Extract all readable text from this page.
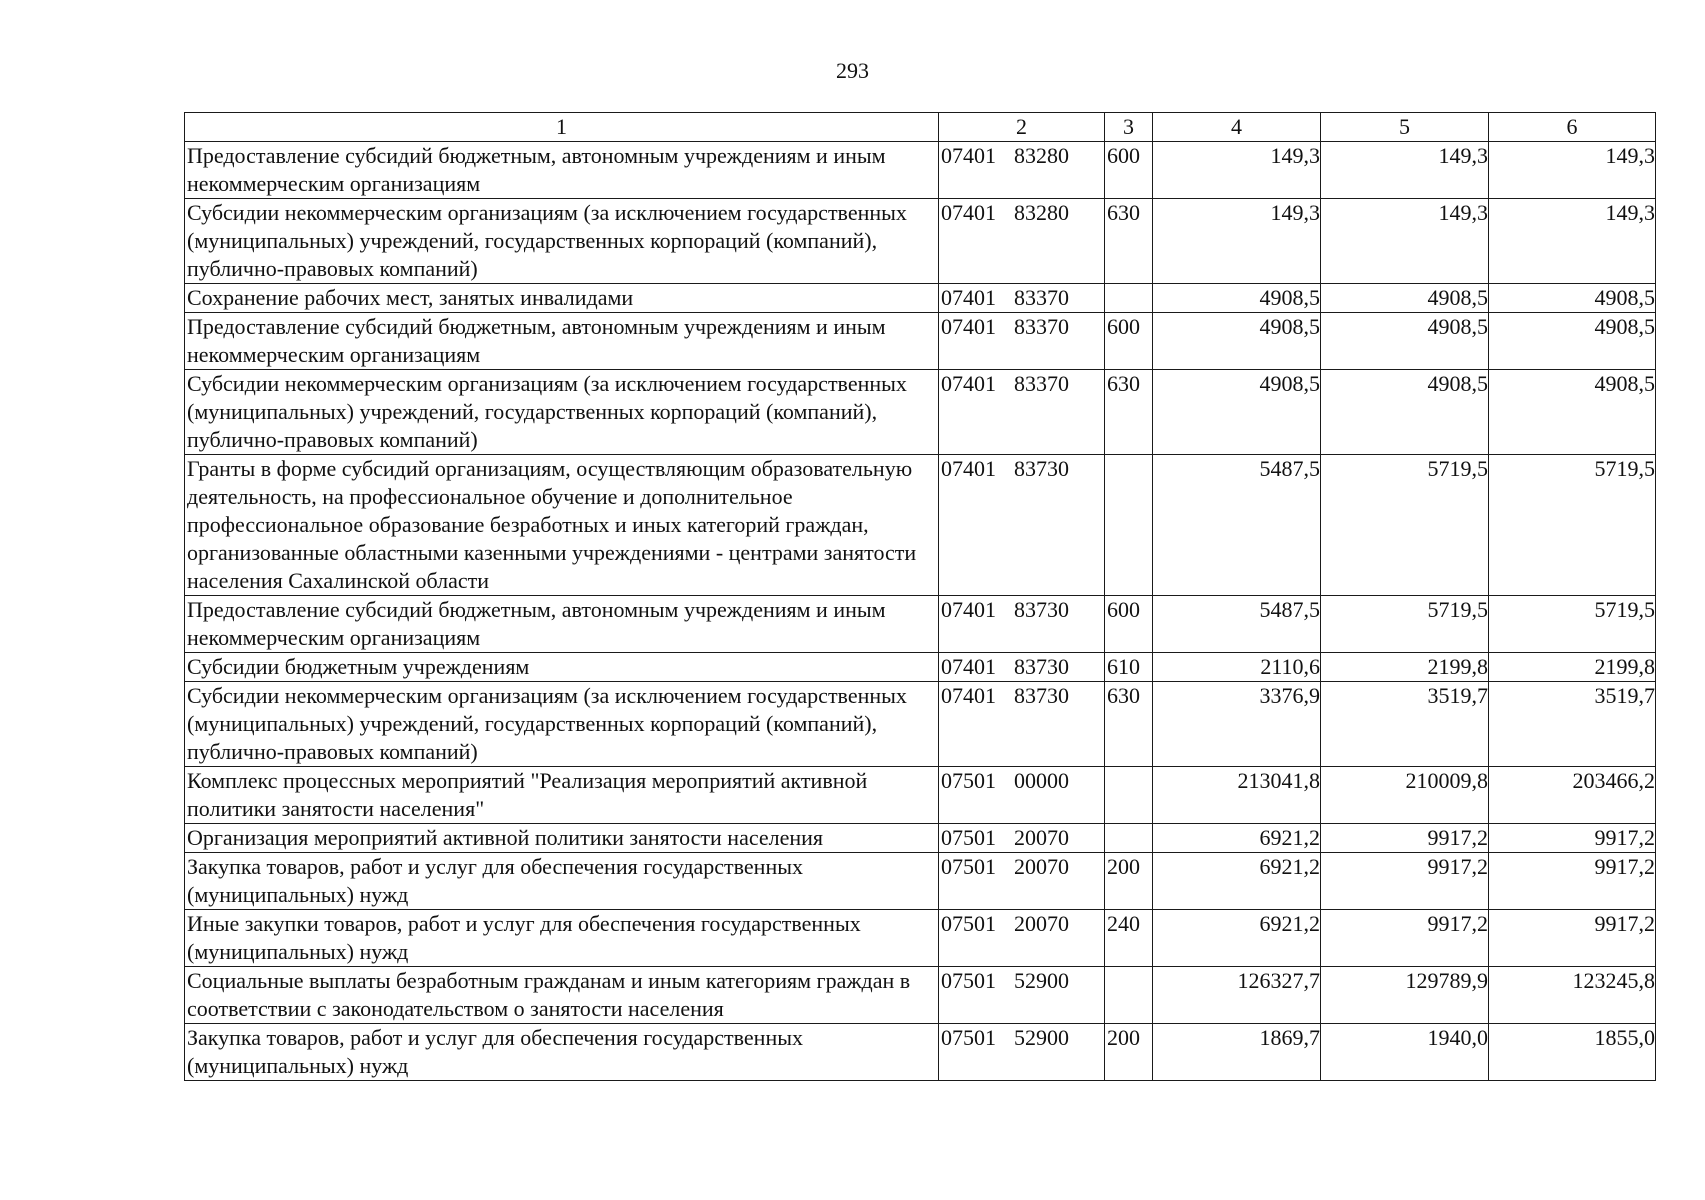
293
1	2	3	4	5	6
Предоставление субсидий бюджетным, автономным учреждениям и иным некоммерческим организациям	07401 83280	600	149,3	149,3	149,3
Субсидии некоммерческим организациям (за исключением государственных (муниципальных) учреждений, государственных корпораций (компаний), публично-правовых компаний)	07401 83280	630	149,3	149,3	149,3
Сохранение рабочих мест, занятых инвалидами	07401 83370		4908,5	4908,5	4908,5
Предоставление субсидий бюджетным, автономным учреждениям и иным некоммерческим организациям	07401 83370	600	4908,5	4908,5	4908,5
Субсидии некоммерческим организациям (за исключением государственных (муниципальных) учреждений, государственных корпораций (компаний), публично-правовых компаний)	07401 83370	630	4908,5	4908,5	4908,5
Гранты в форме субсидий организациям, осуществляющим образовательную деятельность, на профессиональное обучение и дополнительное профессиональное образование безработных и иных категорий граждан, организованные областными казенными учреждениями - центрами занятости населения Сахалинской области	07401 83730		5487,5	5719,5	5719,5
Предоставление субсидий бюджетным, автономным учреждениям и иным некоммерческим организациям	07401 83730	600	5487,5	5719,5	5719,5
Субсидии бюджетным учреждениям	07401 83730	610	2110,6	2199,8	2199,8
Субсидии некоммерческим организациям (за исключением государственных (муниципальных) учреждений, государственных корпораций (компаний), публично-правовых компаний)	07401 83730	630	3376,9	3519,7	3519,7
Комплекс процессных мероприятий "Реализация мероприятий активной политики занятости населения"	07501 00000		213041,8	210009,8	203466,2
Организация мероприятий активной политики занятости населения	07501 20070		6921,2	9917,2	9917,2
Закупка товаров, работ и услуг для обеспечения государственных (муниципальных) нужд	07501 20070	200	6921,2	9917,2	9917,2
Иные закупки товаров, работ и услуг для обеспечения государственных (муниципальных) нужд	07501 20070	240	6921,2	9917,2	9917,2
Социальные выплаты безработным гражданам и иным категориям граждан в соответствии с законодательством о занятости населения	07501 52900		126327,7	129789,9	123245,8
Закупка товаров, работ и услуг для обеспечения государственных (муниципальных) нужд	07501 52900	200	1869,7	1940,0	1855,0
